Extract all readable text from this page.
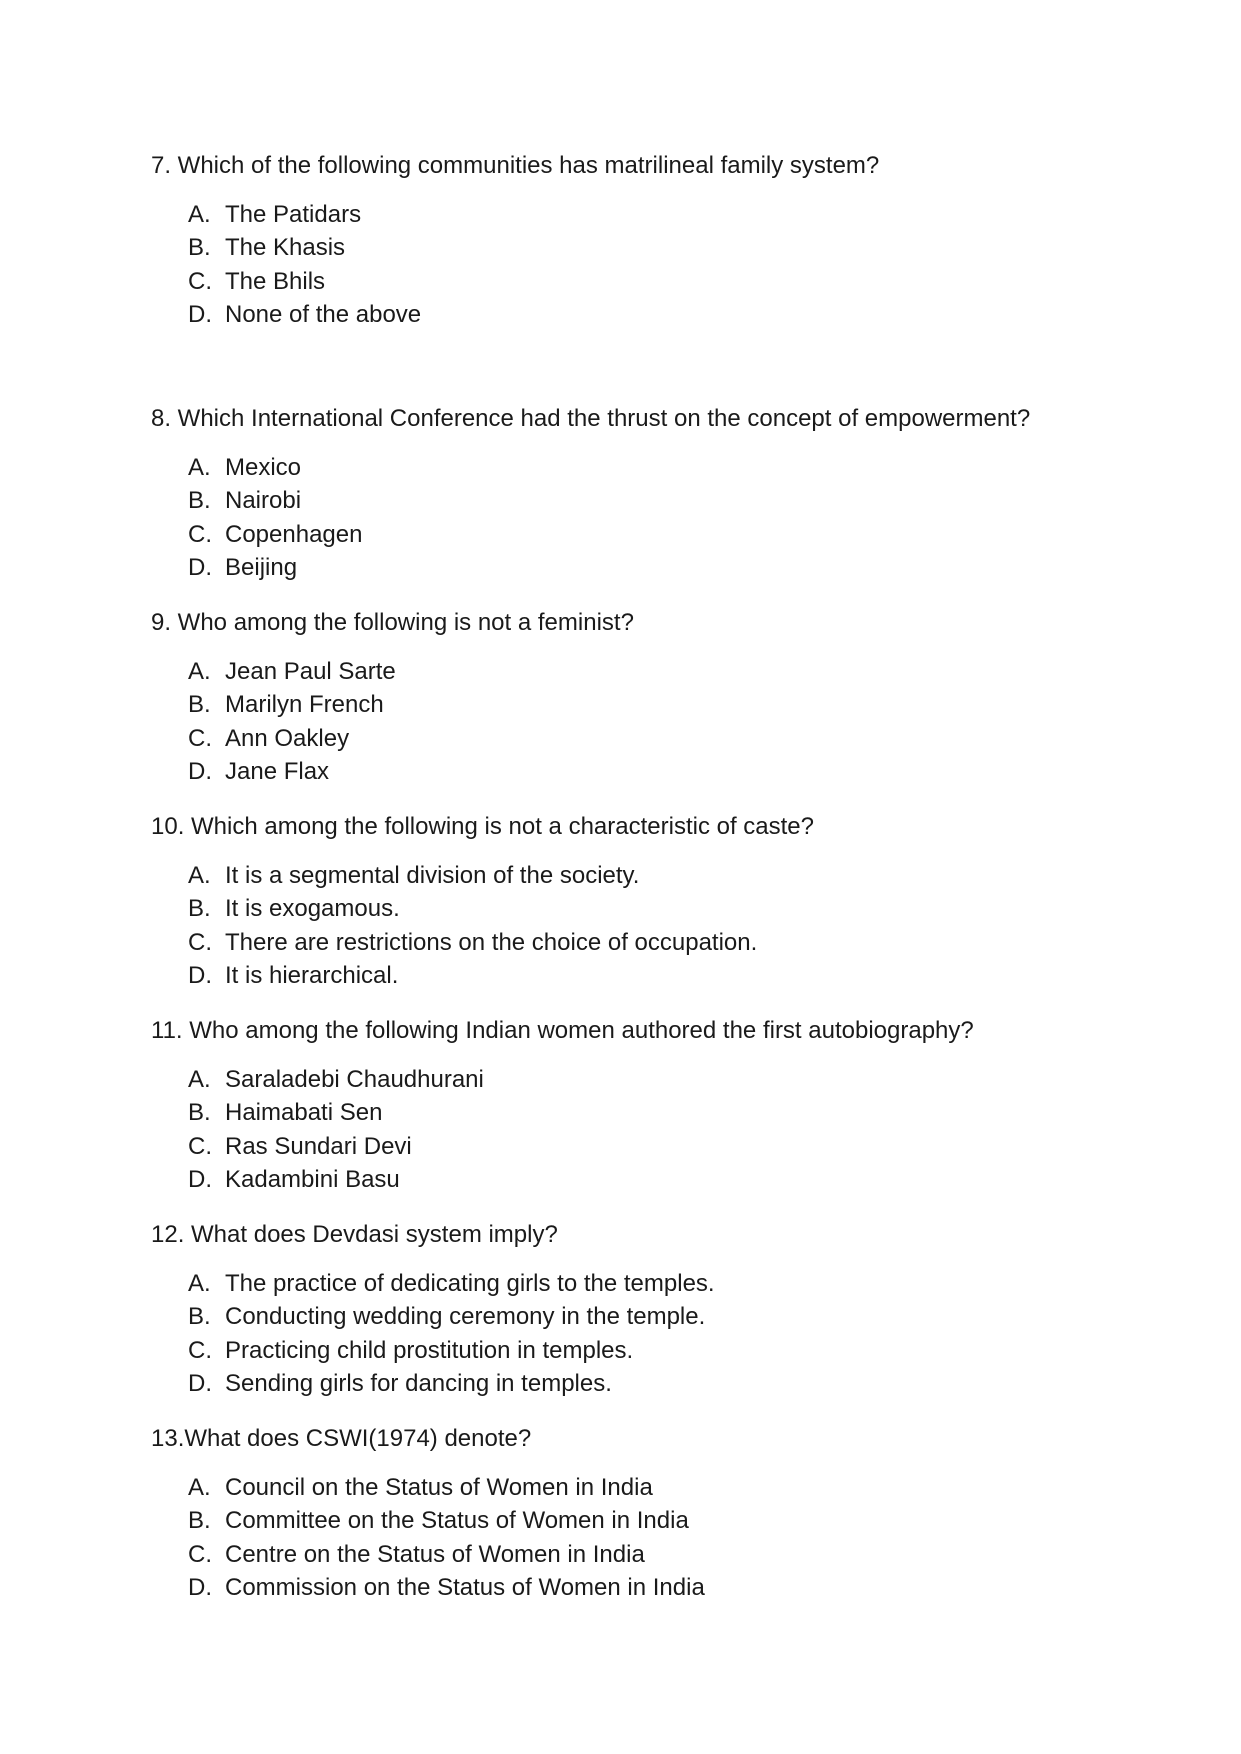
7. Which of the following communities has matrilineal family system?

A. The Patidars
B. The Khasis
C. The Bhils
D. None of the above

8. Which International Conference had the thrust on the concept of empowerment?

A. Mexico
B. Nairobi
C. Copenhagen
D. Beijing

9. Who among the following is not a feminist?

A. Jean Paul Sarte
B. Marilyn French
C. Ann Oakley
D. Jane Flax

10. Which among the following is not a characteristic of caste?

A. It is a segmental division of the society.
B. It is exogamous.
C. There are restrictions on the choice of occupation.
D. It is hierarchical.

11. Who among the following Indian women authored the first autobiography?

A. Saraladebi Chaudhurani
B. Haimabati Sen
C. Ras Sundari Devi
D. Kadambini Basu

12. What does Devdasi system imply?

A. The practice of dedicating girls to the temples.
B. Conducting wedding ceremony in the temple.
C. Practicing child prostitution in temples.
D. Sending girls for dancing in temples.

13.What does CSWI(1974) denote?

A. Council on the Status of Women in India
B. Committee on the Status of Women in India
C. Centre on the Status of Women in India
D. Commission on the Status of Women in India
